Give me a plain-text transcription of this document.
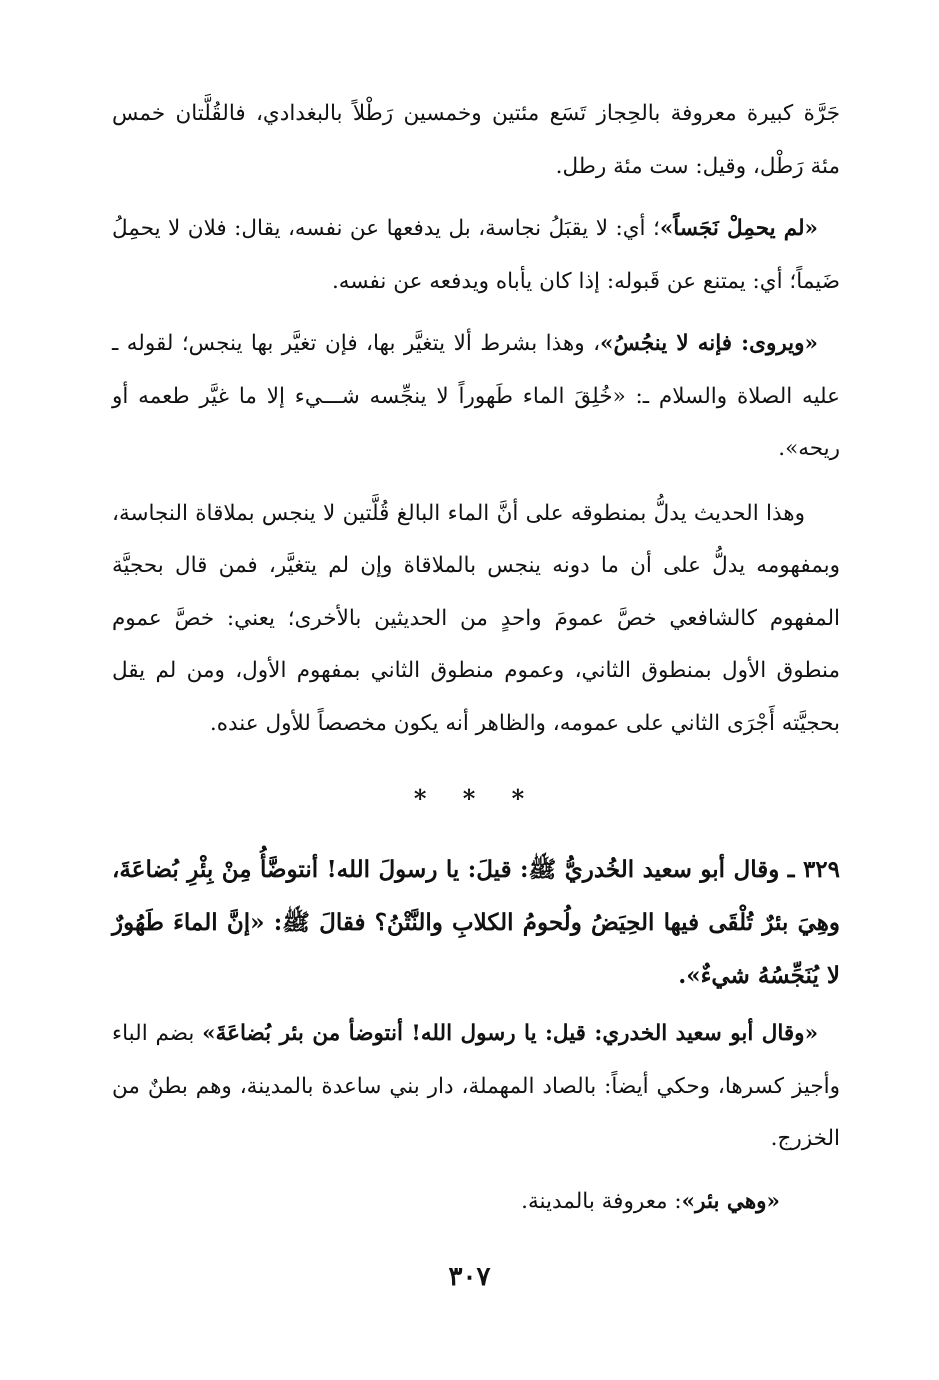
جَرَّة كبيرة معروفة بالحِجاز تَسَع مئتين وخمسين رَطْلاً بالبغدادي، فالقُلَّتان خمس مئة رَطْل، وقيل: ست مئة رطل.

«لم يحمِلْ نَجَساً»؛ أي: لا يقبَلُ نجاسة، بل يدفعها عن نفسه، يقال: فلان لا يحمِلُ ضَيماً؛ أي: يمتنع عن قَبوله: إذا كان يأباه ويدفعه عن نفسه.

«ويروى: فإنه لا ينجُسُ»، وهذا بشرط ألا يتغيَّر بها، فإن تغيَّر بها ينجس؛ لقوله ـ عليه الصلاة والسلام ـ: «خُلِقَ الماء طَهوراً لا ينجِّسه شـــيء إلا ما غيَّر طعمه أو ريحه».

وهذا الحديث يدلُّ بمنطوقه على أنَّ الماء البالغ قُلَّتين لا ينجس بملاقاة النجاسة، وبمفهومه يدلُّ على أن ما دونه ينجس بالملاقاة وإن لم يتغيَّر، فمن قال بحجيَّة المفهوم كالشافعي خصَّ عمومَ واحدٍ من الحديثين بالأخرى؛ يعني: خصَّ عموم منطوق الأول بمنطوق الثاني، وعموم منطوق الثاني بمفهوم الأول، ومن لم يقل بحجيَّته أَجْرَى الثاني على عمومه، والظاهر أنه يكون مخصصاً للأول عنده.

* * *

٣٢٩ ـ وقال أبو سعيد الخُدريُّ ﷺ: قيلَ: يا رسولَ الله! أنتوضَّأُ مِنْ بِئْرِ بُضاعَةَ، وهِيَ بئرٌ تُلْقَى فيها الحِيَضُ ولُحومُ الكلابِ والنَّتْنُ؟ فقالَ ﷺ: «إنَّ الماءَ طَهُورٌ لا يُنَجِّسُهُ شيءٌ».

«وقال أبو سعيد الخدري: قيل: يا رسول الله! أنتوضأ من بئر بُضاعَةَ» بضم الباء وأجيز كسرها، وحكي أيضاً: بالصاد المهملة، دار بني ساعدة بالمدينة، وهم بطنٌ من الخزرج.

«وهي بئر»: معروفة بالمدينة.

٣٠٧
